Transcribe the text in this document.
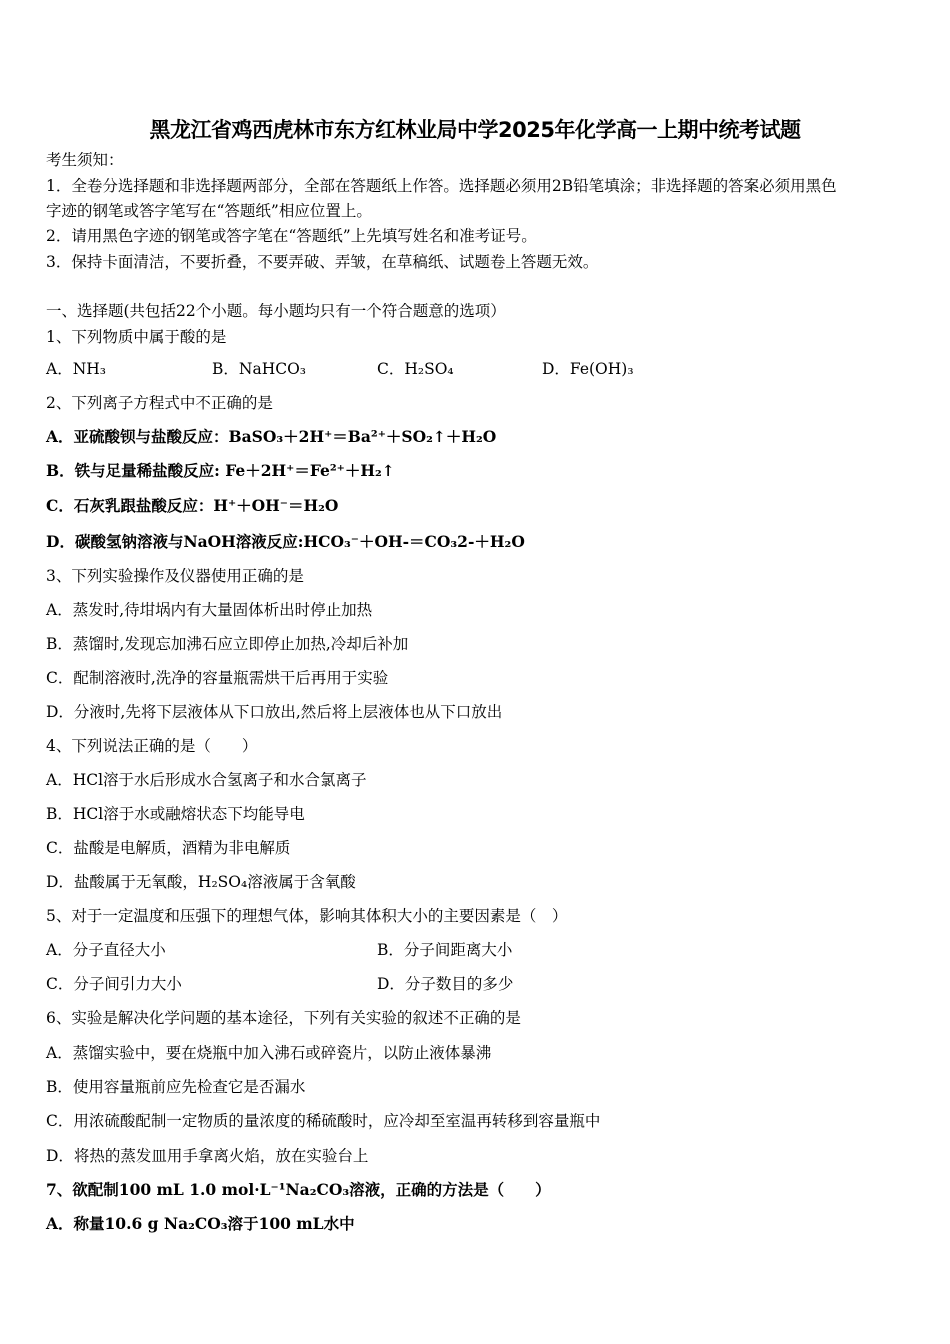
黑龙江省鸡西虎林市东方红林业局中学2025年化学高一上期中统考试题
考生须知：
1．全卷分选择题和非选择题两部分，全部在答题纸上作答。选择题必须用2B铅笔填涂；非选择题的答案必须用黑色
字迹的钢笔或答字笔写在“答题纸”相应位置上。
2．请用黑色字迹的钢笔或答字笔在“答题纸”上先填写姓名和准考证号。
3．保持卡面清洁，不要折叠，不要弄破、弄皱，在草稿纸、试题卷上答题无效。
一、选择题(共包括22个小题。每小题均只有一个符合题意的选项）
1、下列物质中属于酸的是
A．NH₃	B．NaHCO₃	C．H₂SO₄	D．Fe(OH)₃
2、下列离子方程式中不正确的是
A．亚硫酸钡与盐酸反应：BaSO₃＋2H⁺＝Ba²⁺＋SO₂↑＋H₂O
B．铁与足量稀盐酸反应: Fe＋2H⁺＝Fe²⁺＋H₂↑
C．石灰乳跟盐酸反应：H⁺＋OH⁻＝H₂O
D．碳酸氢钠溶液与NaOH溶液反应:HCO₃⁻＋OH-＝CO₃2-＋H₂O
3、下列实验操作及仪器使用正确的是
A．蒸发时,待坩埚内有大量固体析出时停止加热
B．蒸馏时,发现忘加沸石应立即停止加热,冷却后补加
C．配制溶液时,洗净的容量瓶需烘干后再用于实验
D．分液时,先将下层液体从下口放出,然后将上层液体也从下口放出
4、下列说法正确的是（　　）
A．HCl溶于水后形成水合氢离子和水合氯离子
B．HCl溶于水或融熔状态下均能导电
C．盐酸是电解质，酒精为非电解质
D．盐酸属于无氧酸，H₂SO₄溶液属于含氧酸
5、对于一定温度和压强下的理想气体，影响其体积大小的主要因素是（　）
A．分子直径大小	B．分子间距离大小
C．分子间引力大小	D．分子数目的多少
6、实验是解决化学问题的基本途径，下列有关实验的叙述不正确的是
A．蒸馏实验中，要在烧瓶中加入沸石或碎瓷片，以防止液体暴沸
B．使用容量瓶前应先检查它是否漏水
C．用浓硫酸配制一定物质的量浓度的稀硫酸时，应冷却至室温再转移到容量瓶中
D．将热的蒸发皿用手拿离火焰，放在实验台上
7、欲配制100 mL 1.0 mol·L⁻¹Na₂CO₃溶液，正确的方法是（　　）
A．称量10.6 g Na₂CO₃溶于100 mL水中
